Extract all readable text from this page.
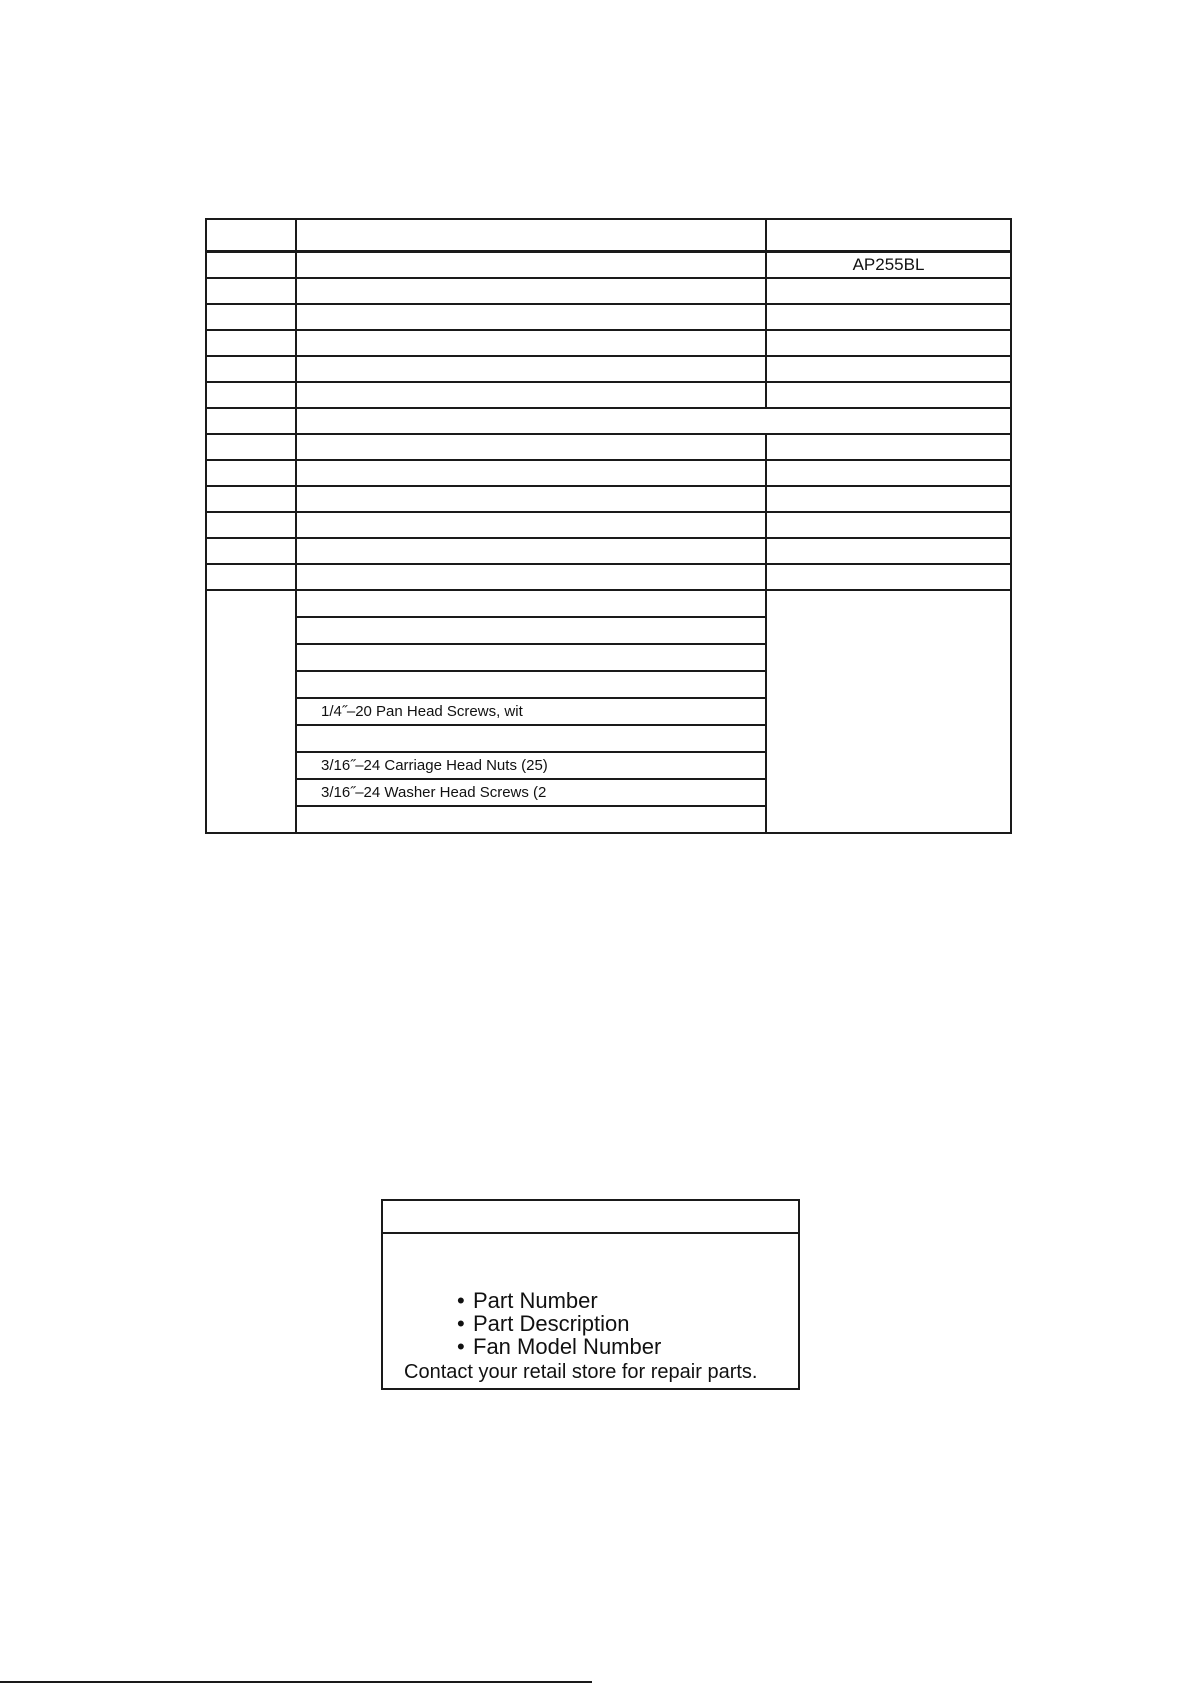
		AP255BL

	1/4˝–20 Pan Head Screws, wit	

	3/16˝–24 Carriage Head Nuts (25)	
	3/16˝–24 Washer Head Screws (2	

• Part Number
• Part Description
• Fan Model Number
Contact your retail store for repair parts.
